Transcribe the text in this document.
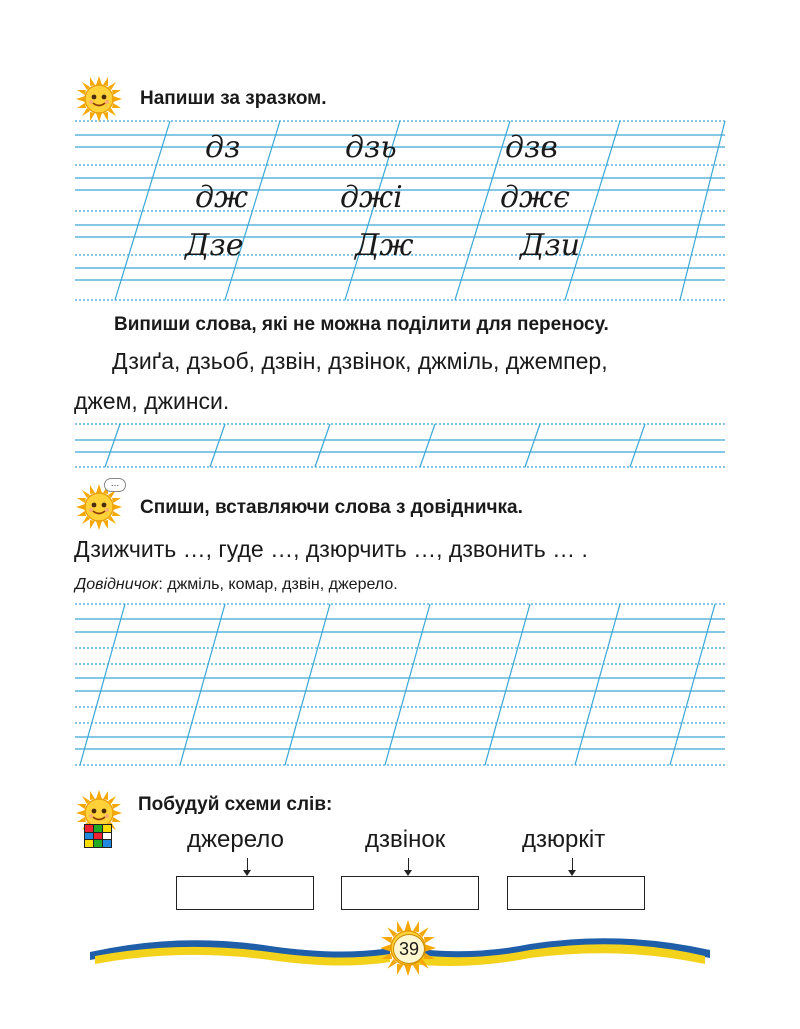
Напиши за зразком.
дз	дзь	дзв
дж	джі	джє
Дзе	Дж	Дзи
Випиши слова, які не можна поділити для переносу.
Дзиґа, дзьоб, дзвін, дзвінок, джміль, джемпер,
джем, джинси.
…
Спиши, вставляючи слова з довідничка.
Дзижчить …, гуде …, дзюрчить …, дзвонить … .
Довідничок: джміль, комар, дзвін, джерело.
Побудуй схеми слів:
джерело	дзвінок	дзюркіт
39
